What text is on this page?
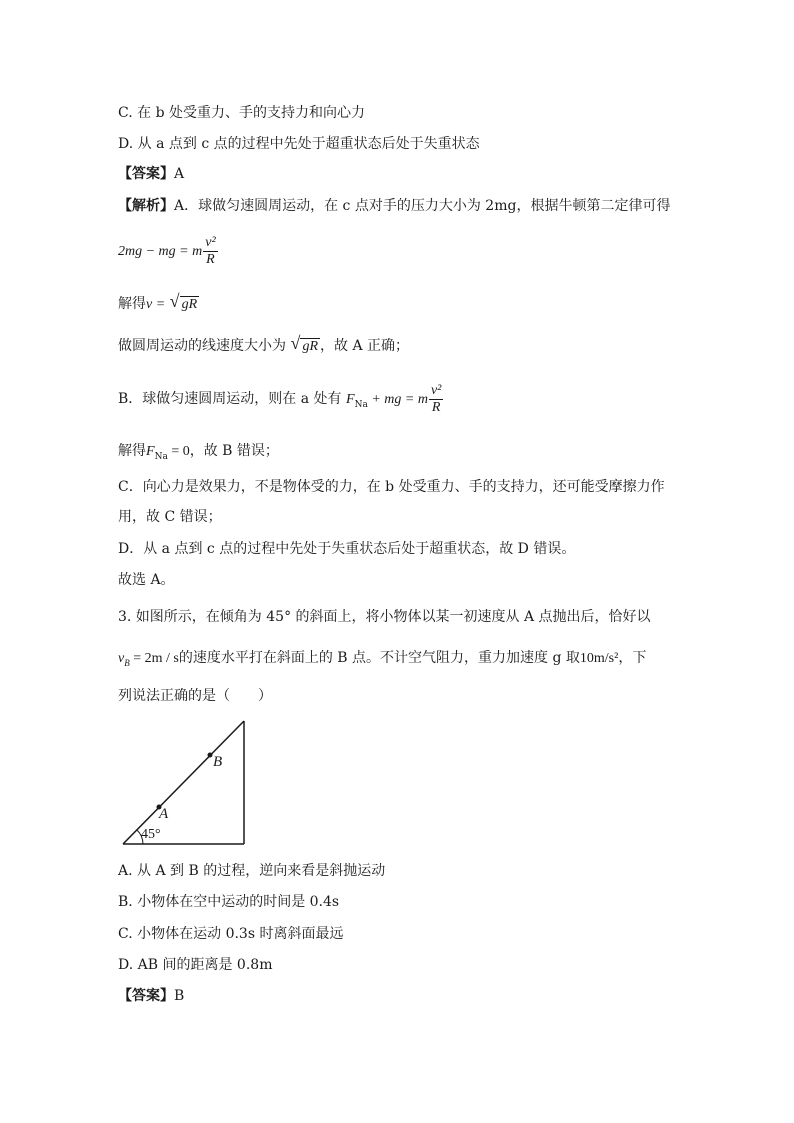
C. 在 b 处受重力、手的支持力和向心力
D. 从 a 点到 c 点的过程中先处于超重状态后处于失重状态
【答案】A
【解析】A．球做匀速圆周运动，在 c 点对手的压力大小为 2mg，根据牛顿第二定律可得
2mg − mg = m $\frac{\text{v²}}{R}$
解得v = √ gR
做圆周运动的线速度大小为 √ gR ，故 A 正确；
B．球做匀速圆周运动，则在 a 处有 $F_{Na}$ + mg = m $\frac{\text{v²}}{R}$
解得$F_{Na} = 0$，故 B 错误；
C．向心力是效果力，不是物体受的力，在 b 处受重力、手的支持力，还可能受摩擦力作
用，故 C 错误；
D．从 a 点到 c 点的过程中先处于失重状态后处于超重状态，故 D 错误。
故选 A。
3. 如图所示，在倾角为 45° 的斜面上，将小物体以某一初速度从 A 点抛出后，恰好以
$v_B = 2m / s$的速度水平打在斜面上的 B 点。不计空气阻力，重力加速度 g 取10m/s²，下
列说法正确的是（　　）
A
B
45°
A. 从 A 到 B 的过程，逆向来看是斜抛运动
B. 小物体在空中运动的时间是 0.4s
C. 小物体在运动 0.3s 时离斜面最远
D. AB 间的距离是 0.8m
【答案】B
